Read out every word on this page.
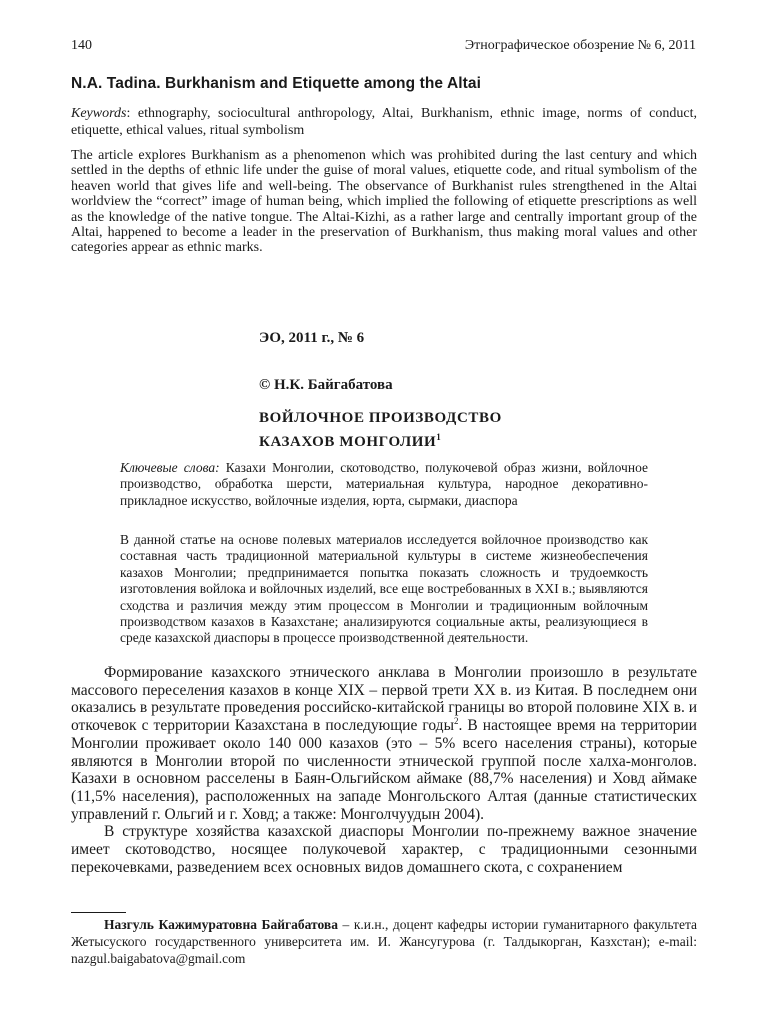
140	Этнографическое обозрение № 6, 2011
N.A. Tadina. Burkhanism and Etiquette among the Altai
Keywords: ethnography, sociocultural anthropology, Altai, Burkhanism, ethnic image, norms of conduct, etiquette, ethical values, ritual symbolism
The article explores Burkhanism as a phenomenon which was prohibited during the last century and which settled in the depths of ethnic life under the guise of moral values, etiquette code, and ritual symbolism of the heaven world that gives life and well-being. The observance of Burkhanist rules strengthened in the Altai worldview the “correct” image of human being, which implied the following of etiquette prescriptions as well as the knowledge of the native tongue. The Altai-Kizhi, as a rather large and centrally important group of the Altai, happened to become a leader in the preservation of Burkhanism, thus making moral values and other categories appear as ethnic marks.
ЭО, 2011 г., № 6
© Н.К. Байгабатова
ВОЙЛОЧНОЕ ПРОИЗВОДСТВО
КАЗАХОВ МОНГОЛИИ$^1$
Ключевые слова: Казахи Монголии, скотоводство, полукочевой образ жизни, войлочное производство, обработка шерсти, материальная культура, народное декоративно-прикладное искусство, войлочные изделия, юрта, сырмаки, диаспора
В данной статье на основе полевых материалов исследуется войлочное производство как составная часть традиционной материальной культуры в системе жизнеобеспечения казахов Монголии; предпринимается попытка показать сложность и трудоемкость изготовления войлока и войлочных изделий, все еще востребованных в XXI в.; выявляются сходства и различия между этим процессом в Монголии и традиционным войлочным производством казахов в Казахстане; анализируются социальные акты, реализующиеся в среде казахской диаспоры в процессе производственной деятельности.

Формирование казахского этнического анклава в Монголии произошло в результате массового переселения казахов в конце XIX – первой трети XX в. из Китая. В последнем они оказались в результате проведения российско-китайской границы во второй половине XIX в. и откочевок с территории Казахстана в последующие годы$^2$. В настоящее время на территории Монголии проживает около 140 000 казахов (это – 5% всего населения страны), которые являются в Монголии второй по численности этнической группой после халха-монголов. Казахи в основном расселены в Баян-Ольгийском аймаке (88,7% населения) и Ховд аймаке (11,5% населения), расположенных на западе Монгольского Алтая (данные статистических управлений г. Ольгий и г. Ховд; а также: Монголчуудын 2004).

В структуре хозяйства казахской диаспоры Монголии по-прежнему важное значение имеет скотоводство, носящее полукочевой характер, с традиционными сезонными перекочевками, разведением всех основных видов домашнего скота, с сохранением

Назгуль Кажимуратовна Байгабатова – к.и.н., доцент кафедры истории гуманитарного факультета Жетысуского государственного университета им. И. Жансугурова (г. Талдыкорган, Казхстан); e-mail: nazgul.baigabatova@gmail.com
